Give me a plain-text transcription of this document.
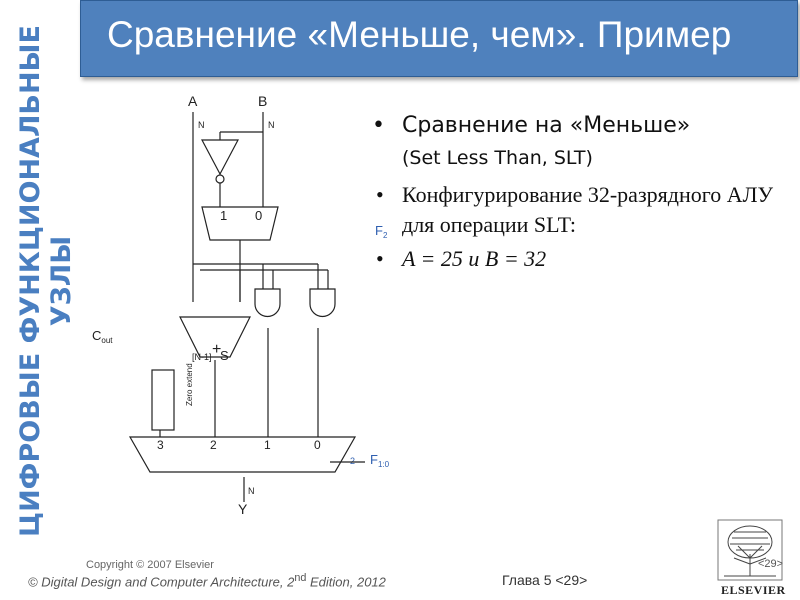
Сравнение «Меньше, чем». Пример
ЦИФРОВЫЕ ФУНКЦИОНАЛЬНЫЕ УЗЛЫ
A	B
N	N
1 0
+
[N-1] S
Zero extend
3	2	1	0
N
Y
$C_{out}$
$F_2$
$F_{1:0}$
2
• Сравнение на «Меньше»
(Set Less Than, SLT)
• Конфигурирование 32-разрядного АЛУ для операции SLT:
• A = 25 и B = 32
Copyright © 2007 Elsevier
© Digital Design and Computer Architecture, 2nd Edition, 2012	Глава 5 <29>
<29>
ELSEVIER
